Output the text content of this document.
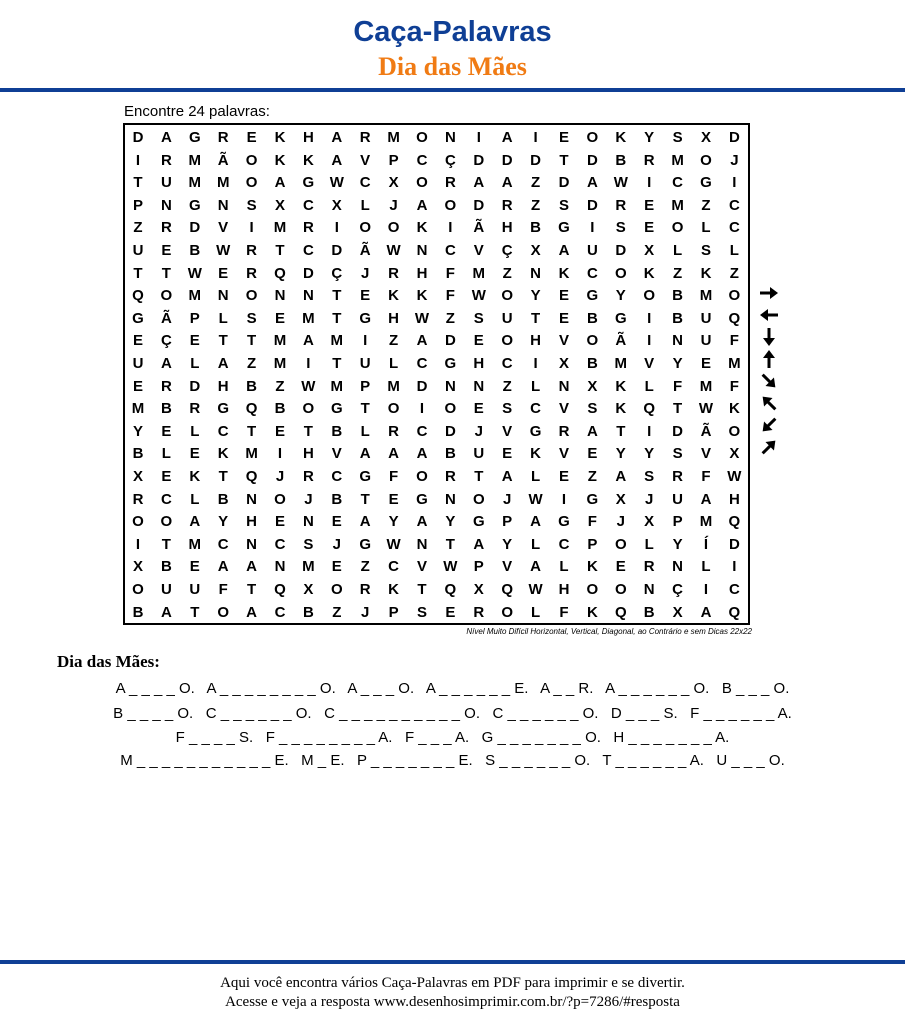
Caça-Palavras
Dia das Mães
Encontre 24 palavras:
D	A	G	R	E	K	H	A	R	M	O	N	I	A	I	E	O	K	Y	S	X	D
I	R	M	Ã	O	K	K	A	V	P	C	Ç	D	D	D	T	D	B	R	M	O	J
T	U	M	M	O	A	G	W	C	X	O	R	A	A	Z	D	A	W	I	C	G	I
P	N	G	N	S	X	C	X	L	J	A	O	D	R	Z	S	D	R	E	M	Z	C
Z	R	D	V	I	M	R	I	O	O	K	I	Ã	H	B	G	I	S	E	O	L	C
U	E	B	W	R	T	C	D	Ã	W	N	C	V	Ç	X	A	U	D	X	L	S	L
T	T	W	E	R	Q	D	Ç	J	R	H	F	M	Z	N	K	C	O	K	Z	K	Z
Q	O	M	N	O	N	N	T	E	K	K	F	W	O	Y	E	G	Y	O	B	M	O
G	Ã	P	L	S	E	M	T	G	H	W	Z	S	U	T	E	B	G	I	B	U	Q
E	Ç	E	T	T	M	A	M	I	Z	A	D	E	O	H	V	O	Ã	I	N	U	F
U	A	L	A	Z	M	I	T	U	L	C	G	H	C	I	X	B	M	V	Y	E	M
E	R	D	H	B	Z	W	M	P	M	D	N	N	Z	L	N	X	K	L	F	M	F
M	B	R	G	Q	B	O	G	T	O	I	O	E	S	C	V	S	K	Q	T	W	K
Y	E	L	C	T	E	T	B	L	R	C	D	J	V	G	R	A	T	I	D	Ã	O
B	L	E	K	M	I	H	V	A	A	A	B	U	E	K	V	E	Y	Y	S	V	X
X	E	K	T	Q	J	R	C	G	F	O	R	T	A	L	E	Z	A	S	R	F	W
R	C	L	B	N	O	J	B	T	E	G	N	O	J	W	I	G	X	J	U	A	H
O	O	A	Y	H	E	N	E	A	Y	A	Y	G	P	A	G	F	J	X	P	M	Q
I	T	M	C	N	C	S	J	G	W	N	T	A	Y	L	C	P	O	L	Y	Í	D
X	B	E	A	A	N	M	E	Z	C	V	W	P	V	A	L	K	E	R	N	L	I
O	U	U	F	T	Q	X	O	R	K	T	Q	X	Q	W	H	O	O	N	Ç	I	C
B	A	T	O	A	C	B	Z	J	P	S	E	R	O	L	F	K	Q	B	X	A	Q
Nível Muito Difícil Horizontal, Vertical, Diagonal, ao Contrário e sem Dicas 22x22
Dia das Mães:
A _ _ _ _ O.   A _ _ _ _ _ _ _ _ O.   A _ _ _ O.   A _ _ _ _ _ _ E.   A _ _ R.   A _ _ _ _ _ _ O.   B _ _ _ O.
B _ _ _ _ O.   C _ _ _ _ _ _ O.   C _ _ _ _ _ _ _ _ _ _ O.   C _ _ _ _ _ _ O.   D _ _ _ S.   F _ _ _ _ _ _ A.
F _ _ _ _ S.   F _ _ _ _ _ _ _ _ A.   F _ _ _ A.   G _ _ _ _ _ _ _ O.   H _ _ _ _ _ _ _ A.
M _ _ _ _ _ _ _ _ _ _ _ E.   M _ E.   P _ _ _ _ _ _ _ E.   S _ _ _ _ _ _ O.   T _ _ _ _ _ _ A.   U _ _ _ O.
Aqui você encontra vários Caça-Palavras em PDF para imprimir e se divertir.
Acesse e veja a resposta www.desenhosimprimir.com.br/?p=7286/#resposta
